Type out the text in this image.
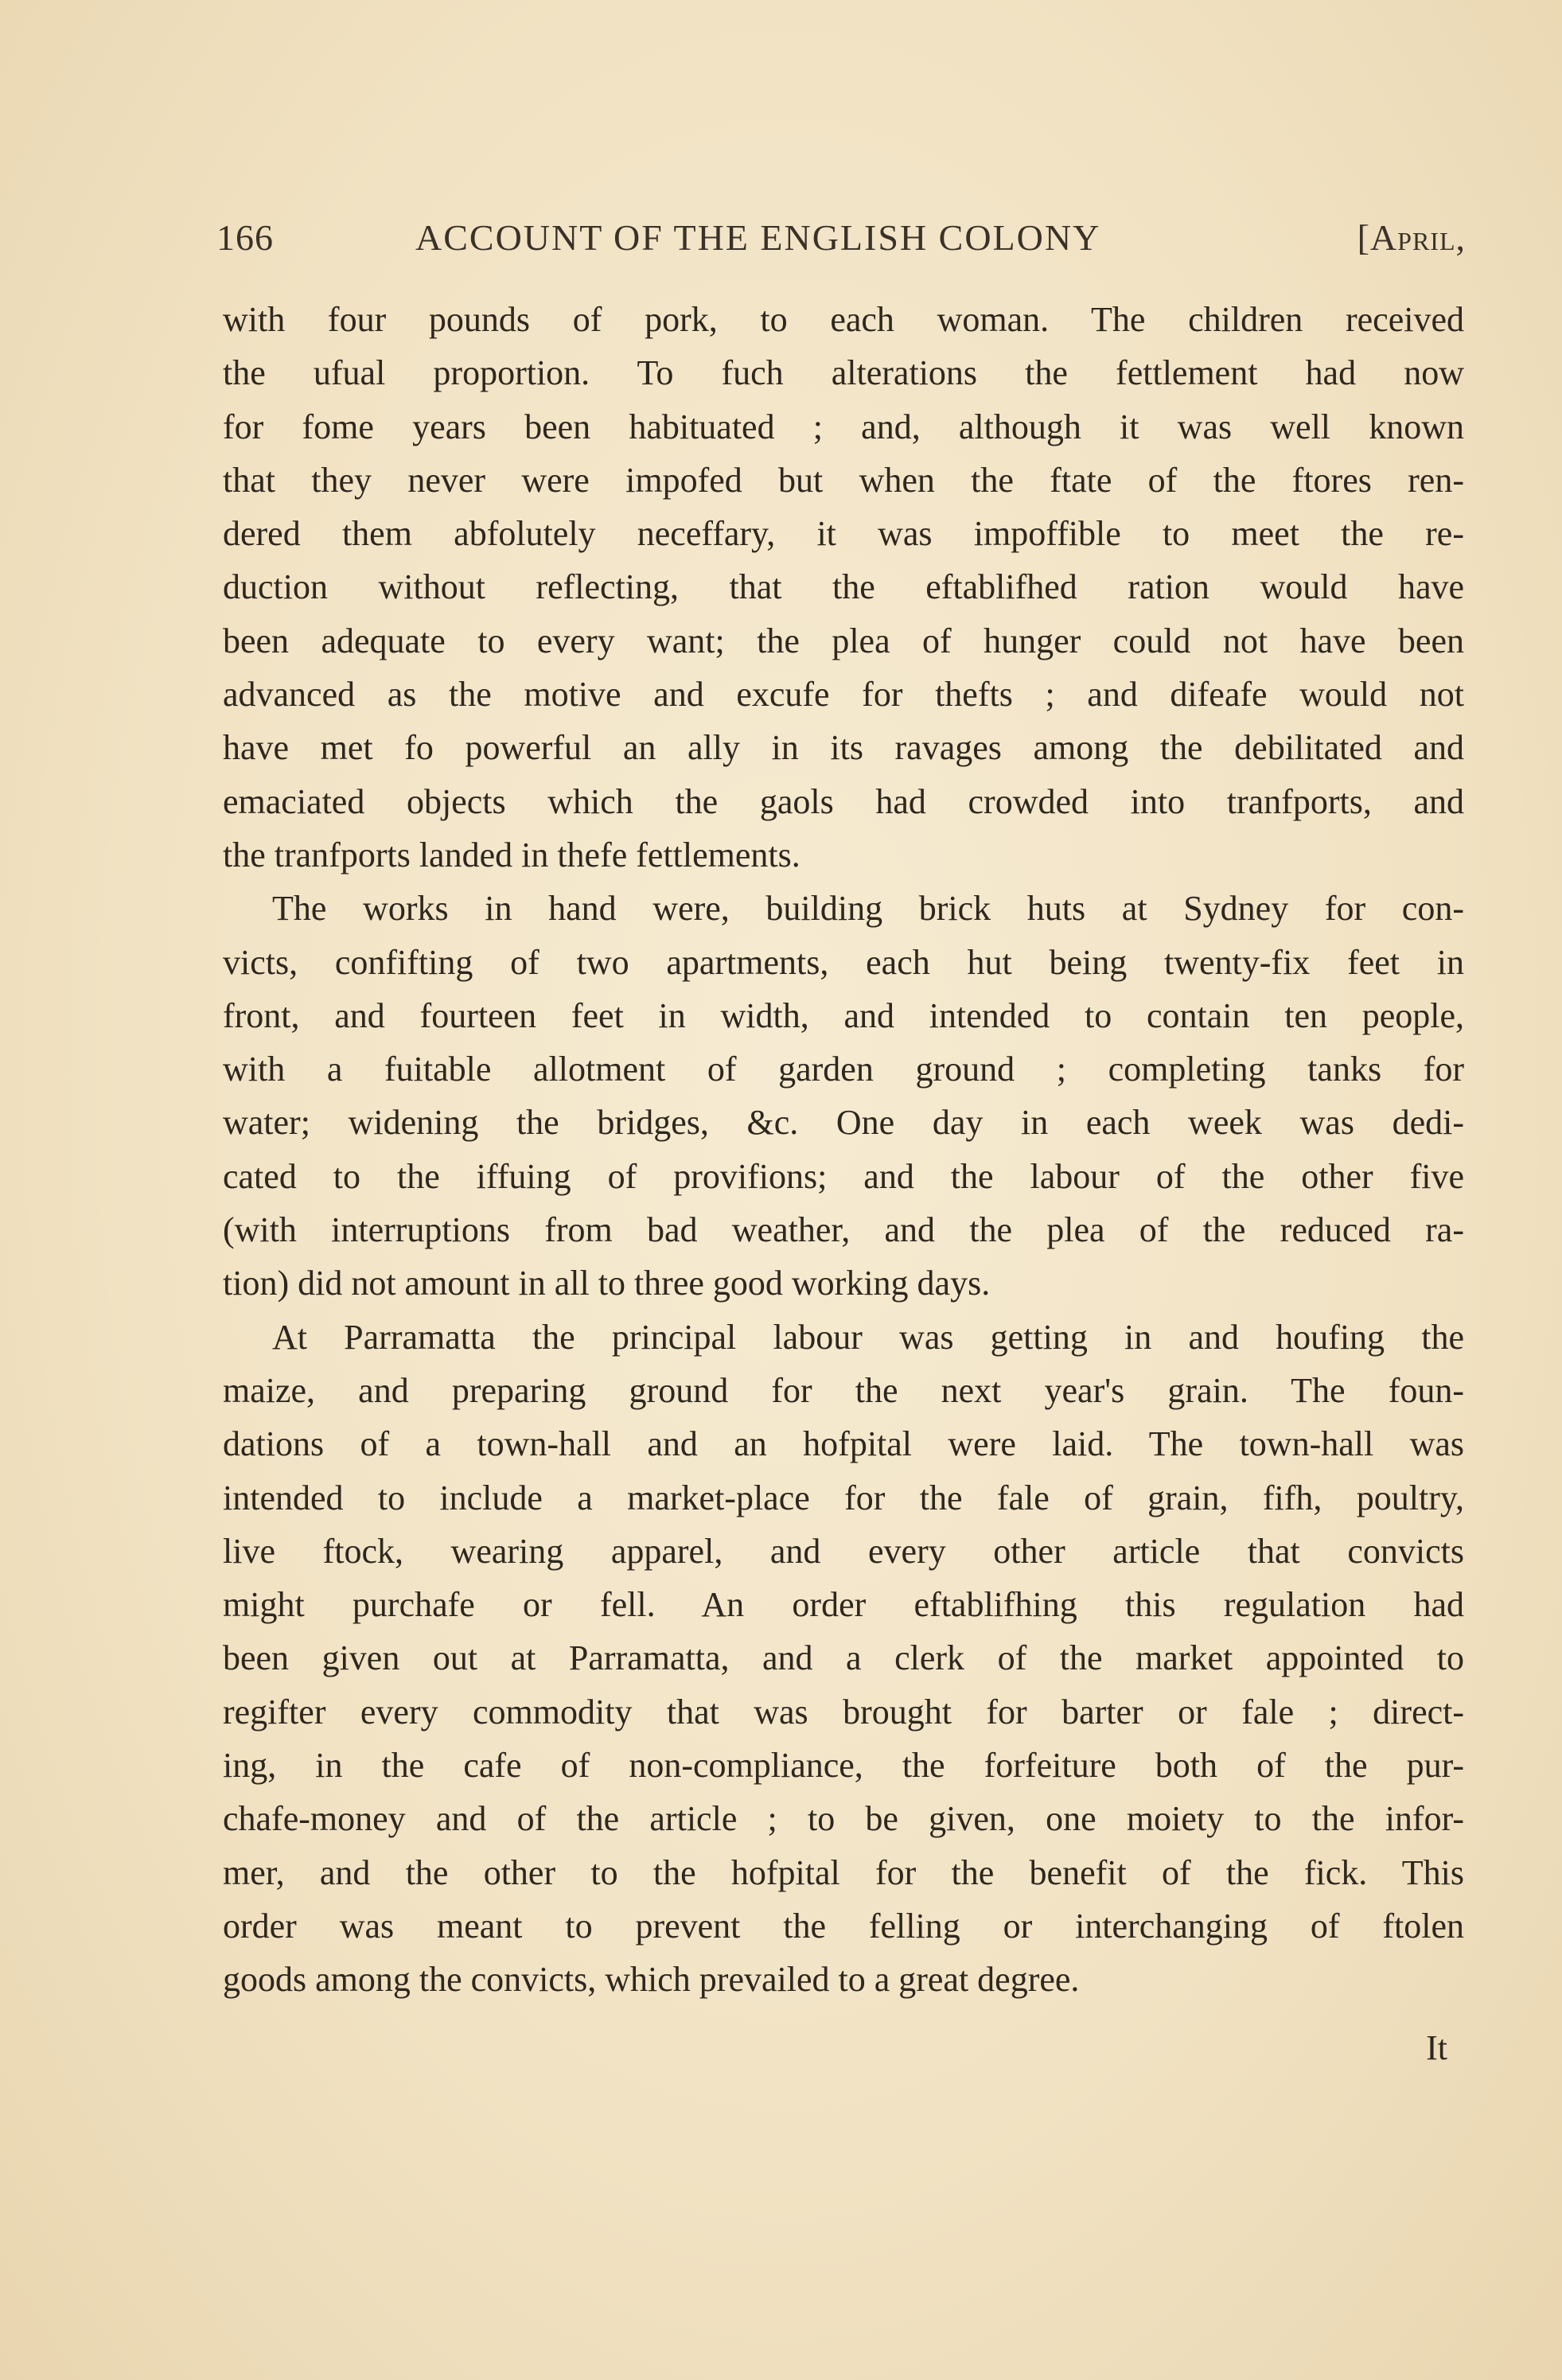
166	ACCOUNT OF THE ENGLISH COLONY	[April,
with four pounds of pork, to each woman. The children received
the ufual proportion. To fuch alterations the fettlement had now
for fome years been habituated ; and, although it was well known
that they never were impofed but when the ftate of the ftores ren-
dered them abfolutely neceffary, it was impoffible to meet the re-
duction without reflecting, that the eftablifhed ration would have
been adequate to every want; the plea of hunger could not have been
advanced as the motive and excufe for thefts ; and difeafe would not
have met fo powerful an ally in its ravages among the debilitated and
emaciated objects which the gaols had crowded into tranfports, and
the tranfports landed in thefe fettlements.
The works in hand were, building brick huts at Sydney for con-
victs, confifting of two apartments, each hut being twenty-fix feet in
front, and fourteen feet in width, and intended to contain ten people,
with a fuitable allotment of garden ground ; completing tanks for
water; widening the bridges, &c. One day in each week was dedi-
cated to the iffuing of provifions; and the labour of the other five
(with interruptions from bad weather, and the plea of the reduced ra-
tion) did not amount in all to three good working days.
At Parramatta the principal labour was getting in and houfing the
maize, and preparing ground for the next year's grain. The foun-
dations of a town-hall and an hofpital were laid. The town-hall was
intended to include a market-place for the fale of grain, fifh, poultry,
live ftock, wearing apparel, and every other article that convicts
might purchafe or fell. An order eftablifhing this regulation had
been given out at Parramatta, and a clerk of the market appointed to
regifter every commodity that was brought for barter or fale ; direct-
ing, in the cafe of non-compliance, the forfeiture both of the pur-
chafe-money and of the article ; to be given, one moiety to the infor-
mer, and the other to the hofpital for the benefit of the fick. This
order was meant to prevent the felling or interchanging of ftolen
goods among the convicts, which prevailed to a great degree.
It
